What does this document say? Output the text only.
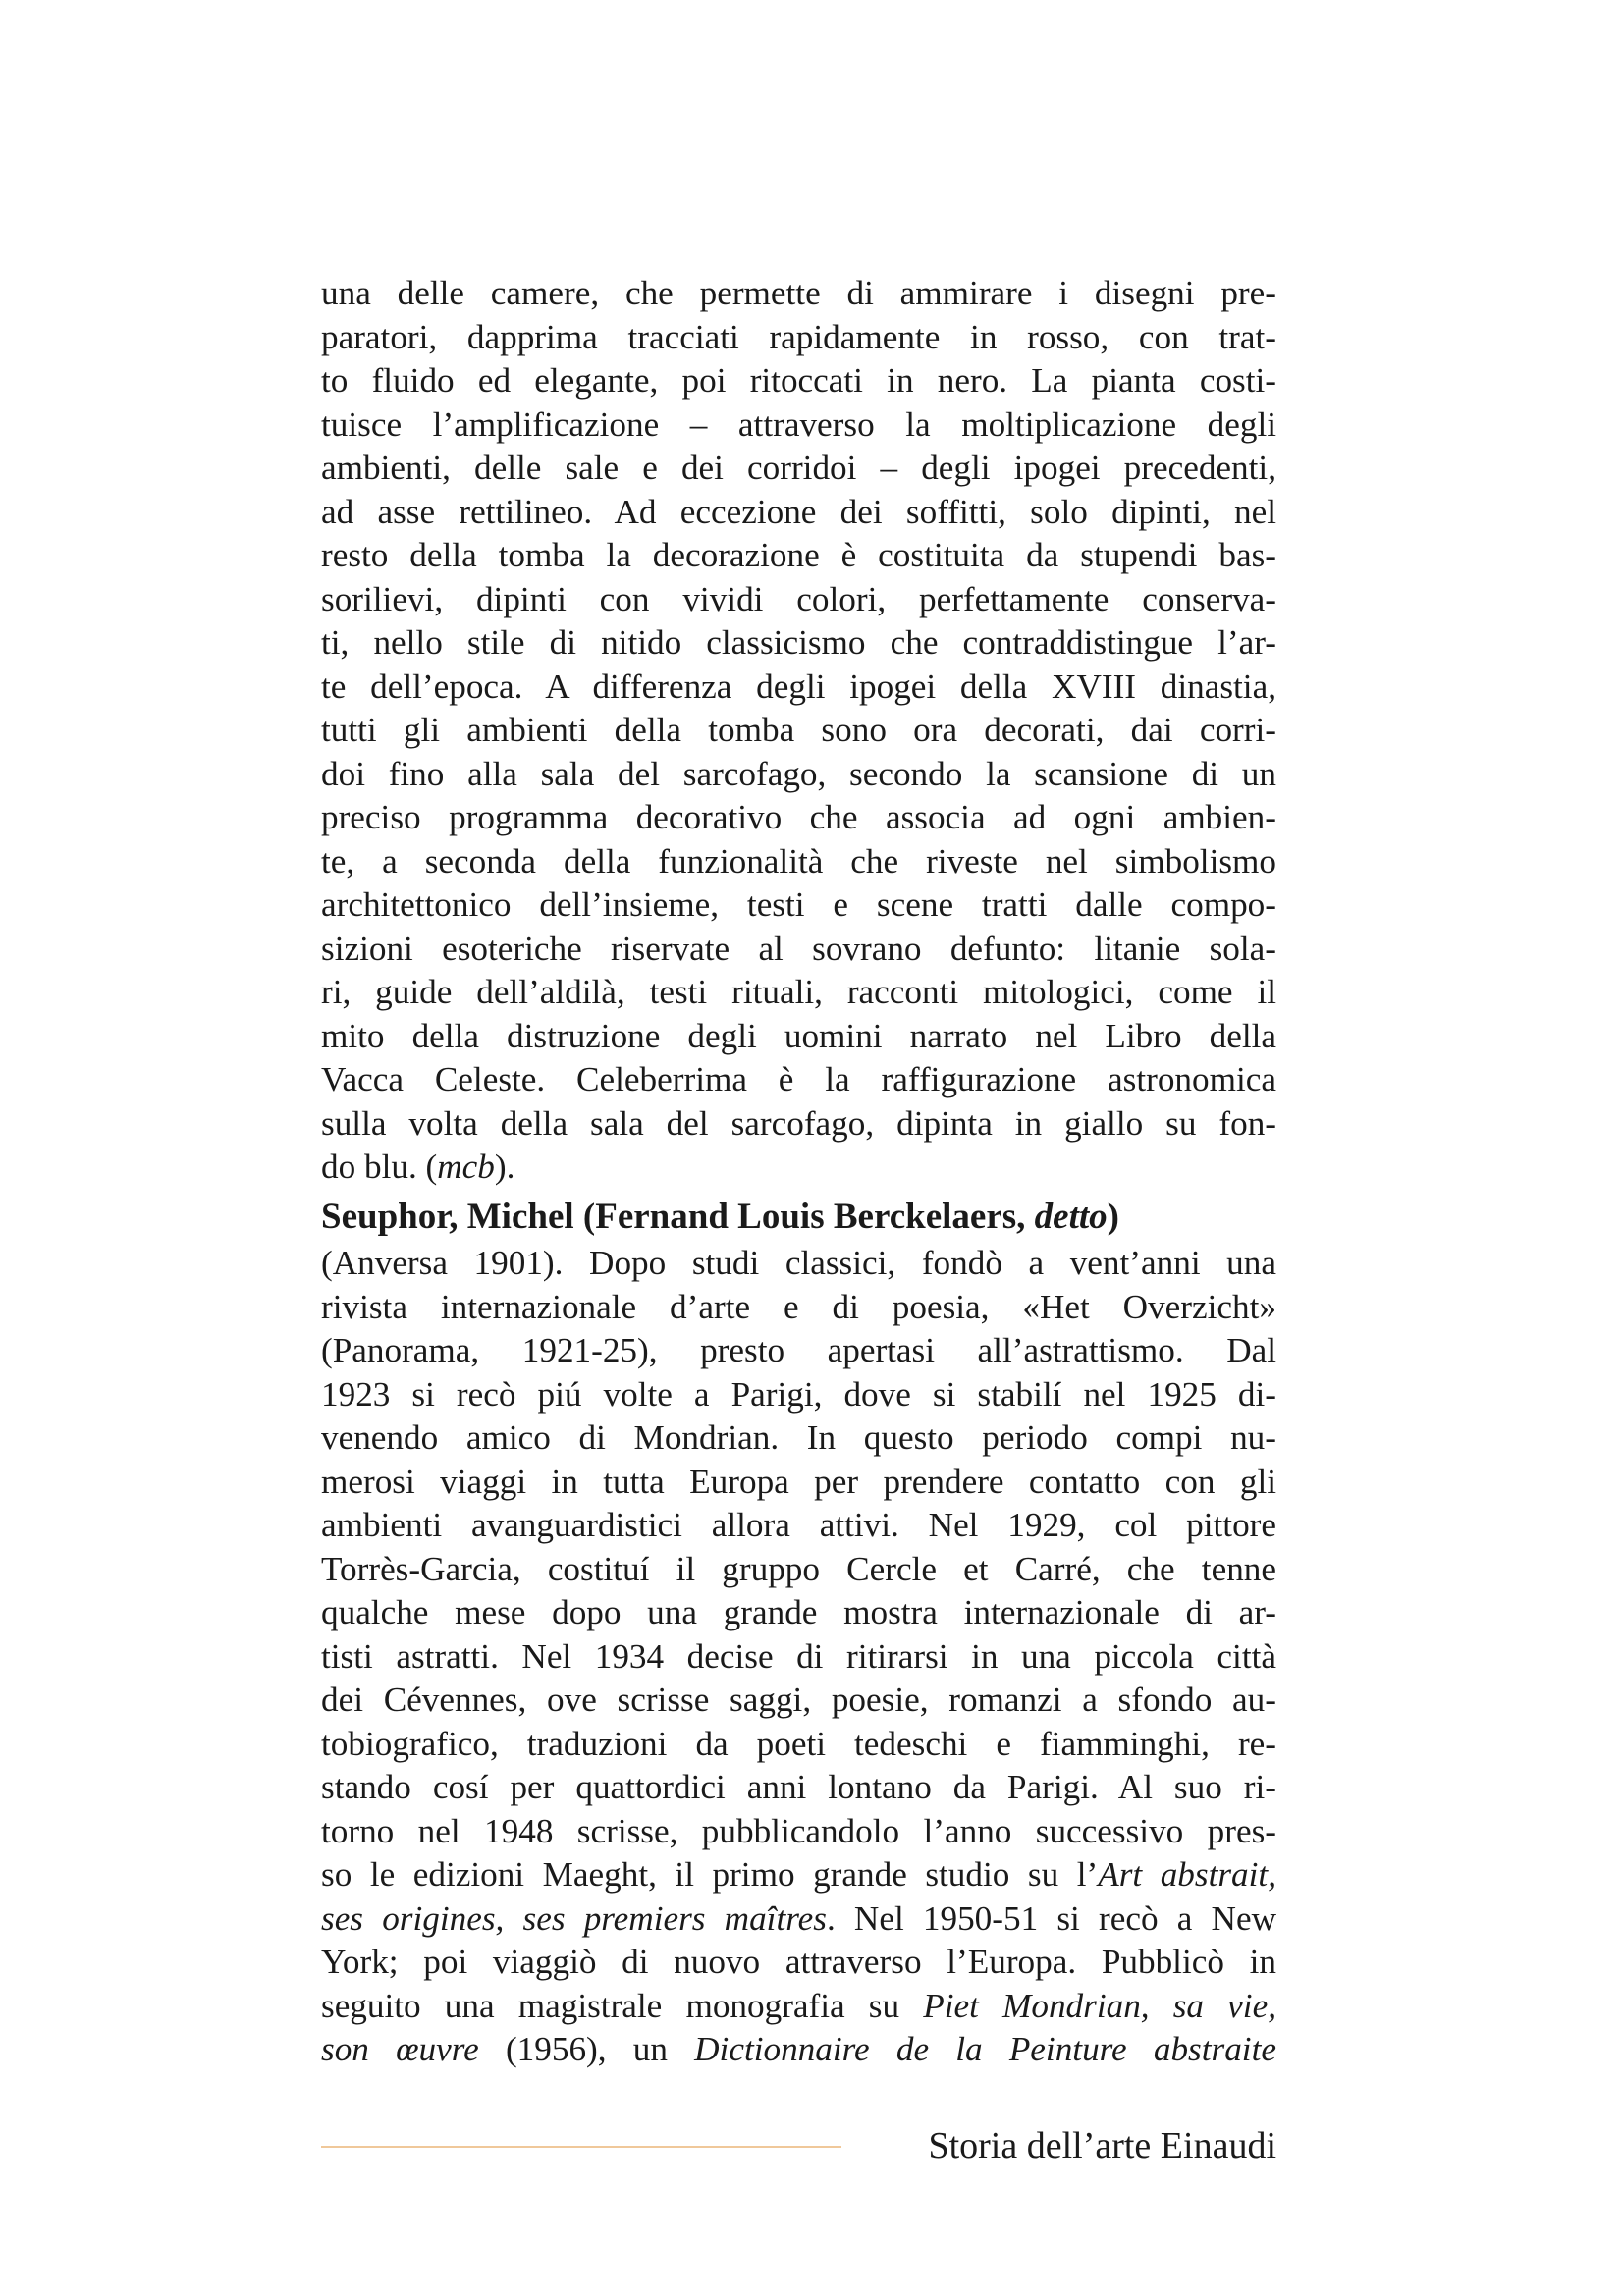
una delle camere, che permette di ammirare i disegni pre-
paratori, dapprima tracciati rapidamente in rosso, con trat-
to fluido ed elegante, poi ritoccati in nero. La pianta costi-
tuisce l’amplificazione – attraverso la moltiplicazione degli
ambienti, delle sale e dei corridoi – degli ipogei precedenti,
ad asse rettilineo. Ad eccezione dei soffitti, solo dipinti, nel
resto della tomba la decorazione è costituita da stupendi bas-
sorilievi, dipinti con vividi colori, perfettamente conserva-
ti, nello stile di nitido classicismo che contraddistingue l’ar-
te dell’epoca. A differenza degli ipogei della XVIII dinastia,
tutti gli ambienti della tomba sono ora decorati, dai corri-
doi fino alla sala del sarcofago, secondo la scansione di un
preciso programma decorativo che associa ad ogni ambien-
te, a seconda della funzionalità che riveste nel simbolismo
architettonico dell’insieme, testi e scene tratti dalle compo-
sizioni esoteriche riservate al sovrano defunto: litanie sola-
ri, guide dell’aldilà, testi rituali, racconti mitologici, come il
mito della distruzione degli uomini narrato nel Libro della
Vacca Celeste. Celeberrima è la raffigurazione astronomica
sulla volta della sala del sarcofago, dipinta in giallo su fon-
do blu. (mcb).
Seuphor, Michel (Fernand Louis Berckelaers, detto)
(Anversa 1901). Dopo studi classici, fondò a vent’anni una
rivista internazionale d’arte e di poesia, «Het Overzicht»
(Panorama, 1921-25), presto apertasi all’astrattismo. Dal
1923 si recò piú volte a Parigi, dove si stabilí nel 1925 di-
venendo amico di Mondrian. In questo periodo compi nu-
merosi viaggi in tutta Europa per prendere contatto con gli
ambienti avanguardistici allora attivi. Nel 1929, col pittore
Torrès-Garcia, costituí il gruppo Cercle et Carré, che tenne
qualche mese dopo una grande mostra internazionale di ar-
tisti astratti. Nel 1934 decise di ritirarsi in una piccola città
dei Cévennes, ove scrisse saggi, poesie, romanzi a sfondo au-
tobiografico, traduzioni da poeti tedeschi e fiamminghi, re-
stando cosí per quattordici anni lontano da Parigi. Al suo ri-
torno nel 1948 scrisse, pubblicandolo l’anno successivo pres-
so le edizioni Maeght, il primo grande studio su l’Art abstrait,
ses origines, ses premiers maîtres. Nel 1950-51 si recò a New
York; poi viaggiò di nuovo attraverso l’Europa. Pubblicò in
seguito una magistrale monografia su Piet Mondrian, sa vie,
son œuvre (1956), un Dictionnaire de la Peinture abstraite
Storia dell’arte Einaudi
